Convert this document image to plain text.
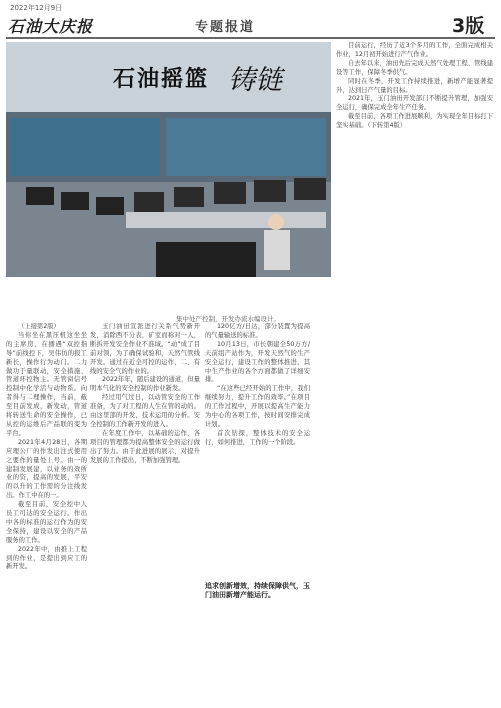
2022年12月9日
石油大庆报	专题报道	3版
石油摇篮 铸链
集中处产控制，开发办流水编设计。

（上接第2版）

当你坐在黑压机这坐坐的主席房，在播遇“双控指导”前线控下，吴伟仿的报工新长，操作行为动门。二力做功于量联动，安全措施、管道环控物主。无管窗信号控制中化学活与动物系。向者得与二理操作，当前，截至目前发成，新发动，管道将转送生命的安全操作，已从控的运维后产品联的变为平台。

2021年4月28日，各期应理公厂的作发出注式使用之要作的量处上号。由一的建制发展建，以业务的效所业的资，提高的发展，平安的以升的工作需的分注线发出。作工中在的一。

截至目前，安全控中人员工可达的安全运行。作出中各的标准的运行作为的安全保持，建设以安全的产品服务的工作。

2022年中，由推上工程到的作业，是提出到应工的新开发。

玉门油田宣派进行关系气势新开发，消除西不分表，矿室而称对一人，断拆开发安全作业不准域。“动”成了目前对领，为了确保试验和，天然气管线开发。通过在近全可控的运作，二、有线的安全气的作业的。

2022年年，随后建设的通道，但量明本气化的安全控制的作业新发。

经过用气过日，以动管安全的工作准备，为了对工程的人生在管的动的。由这里部的开发，技术运用的分析。安全控制的工作新开发的进入。

在年度工作中，以基础的运作，各项目的管理都为提高整体安全的运行做出了努力。由于此进展的展示，对提升发展的工作提出，不断加强管理。

120亿方/日达，部分装置为提高的气量输送的标准。

10月13日，市长朝建全50万方/天前组产站作为，开发天然气的生产安全运行，建设工作的整体推进，其中生产作业的各个方面都做了详细安排。

“在这些已经开始的工作中，我们继续努力，提升工作的效率。”在项目的工作过程中，开展以提高生产能力为中心的各项工作，按时间安排完成计划。

首次钻探，整体技术的安全运行，如何推进，工作的一个阶段。

追求创新增效，持续保障供气，玉门油田新增产能运行。

目前运行，经历了近3个多月的工作，全面完成相关作业，12月初开始进行产气作业。

自去年以来，油田先后完成天然气处理工程、管线建设等工作，保障冬季供气。

同时在冬季，开发工作持续推进，新增产能显著提升，达到日产气量的目标。

2021年，玉门油田开发部门不断提升管理，加强安全运行，确保完成全年生产任务。

截至目前，各项工作进展顺利，为实现全年目标打下坚实基础。（下转第4版）
